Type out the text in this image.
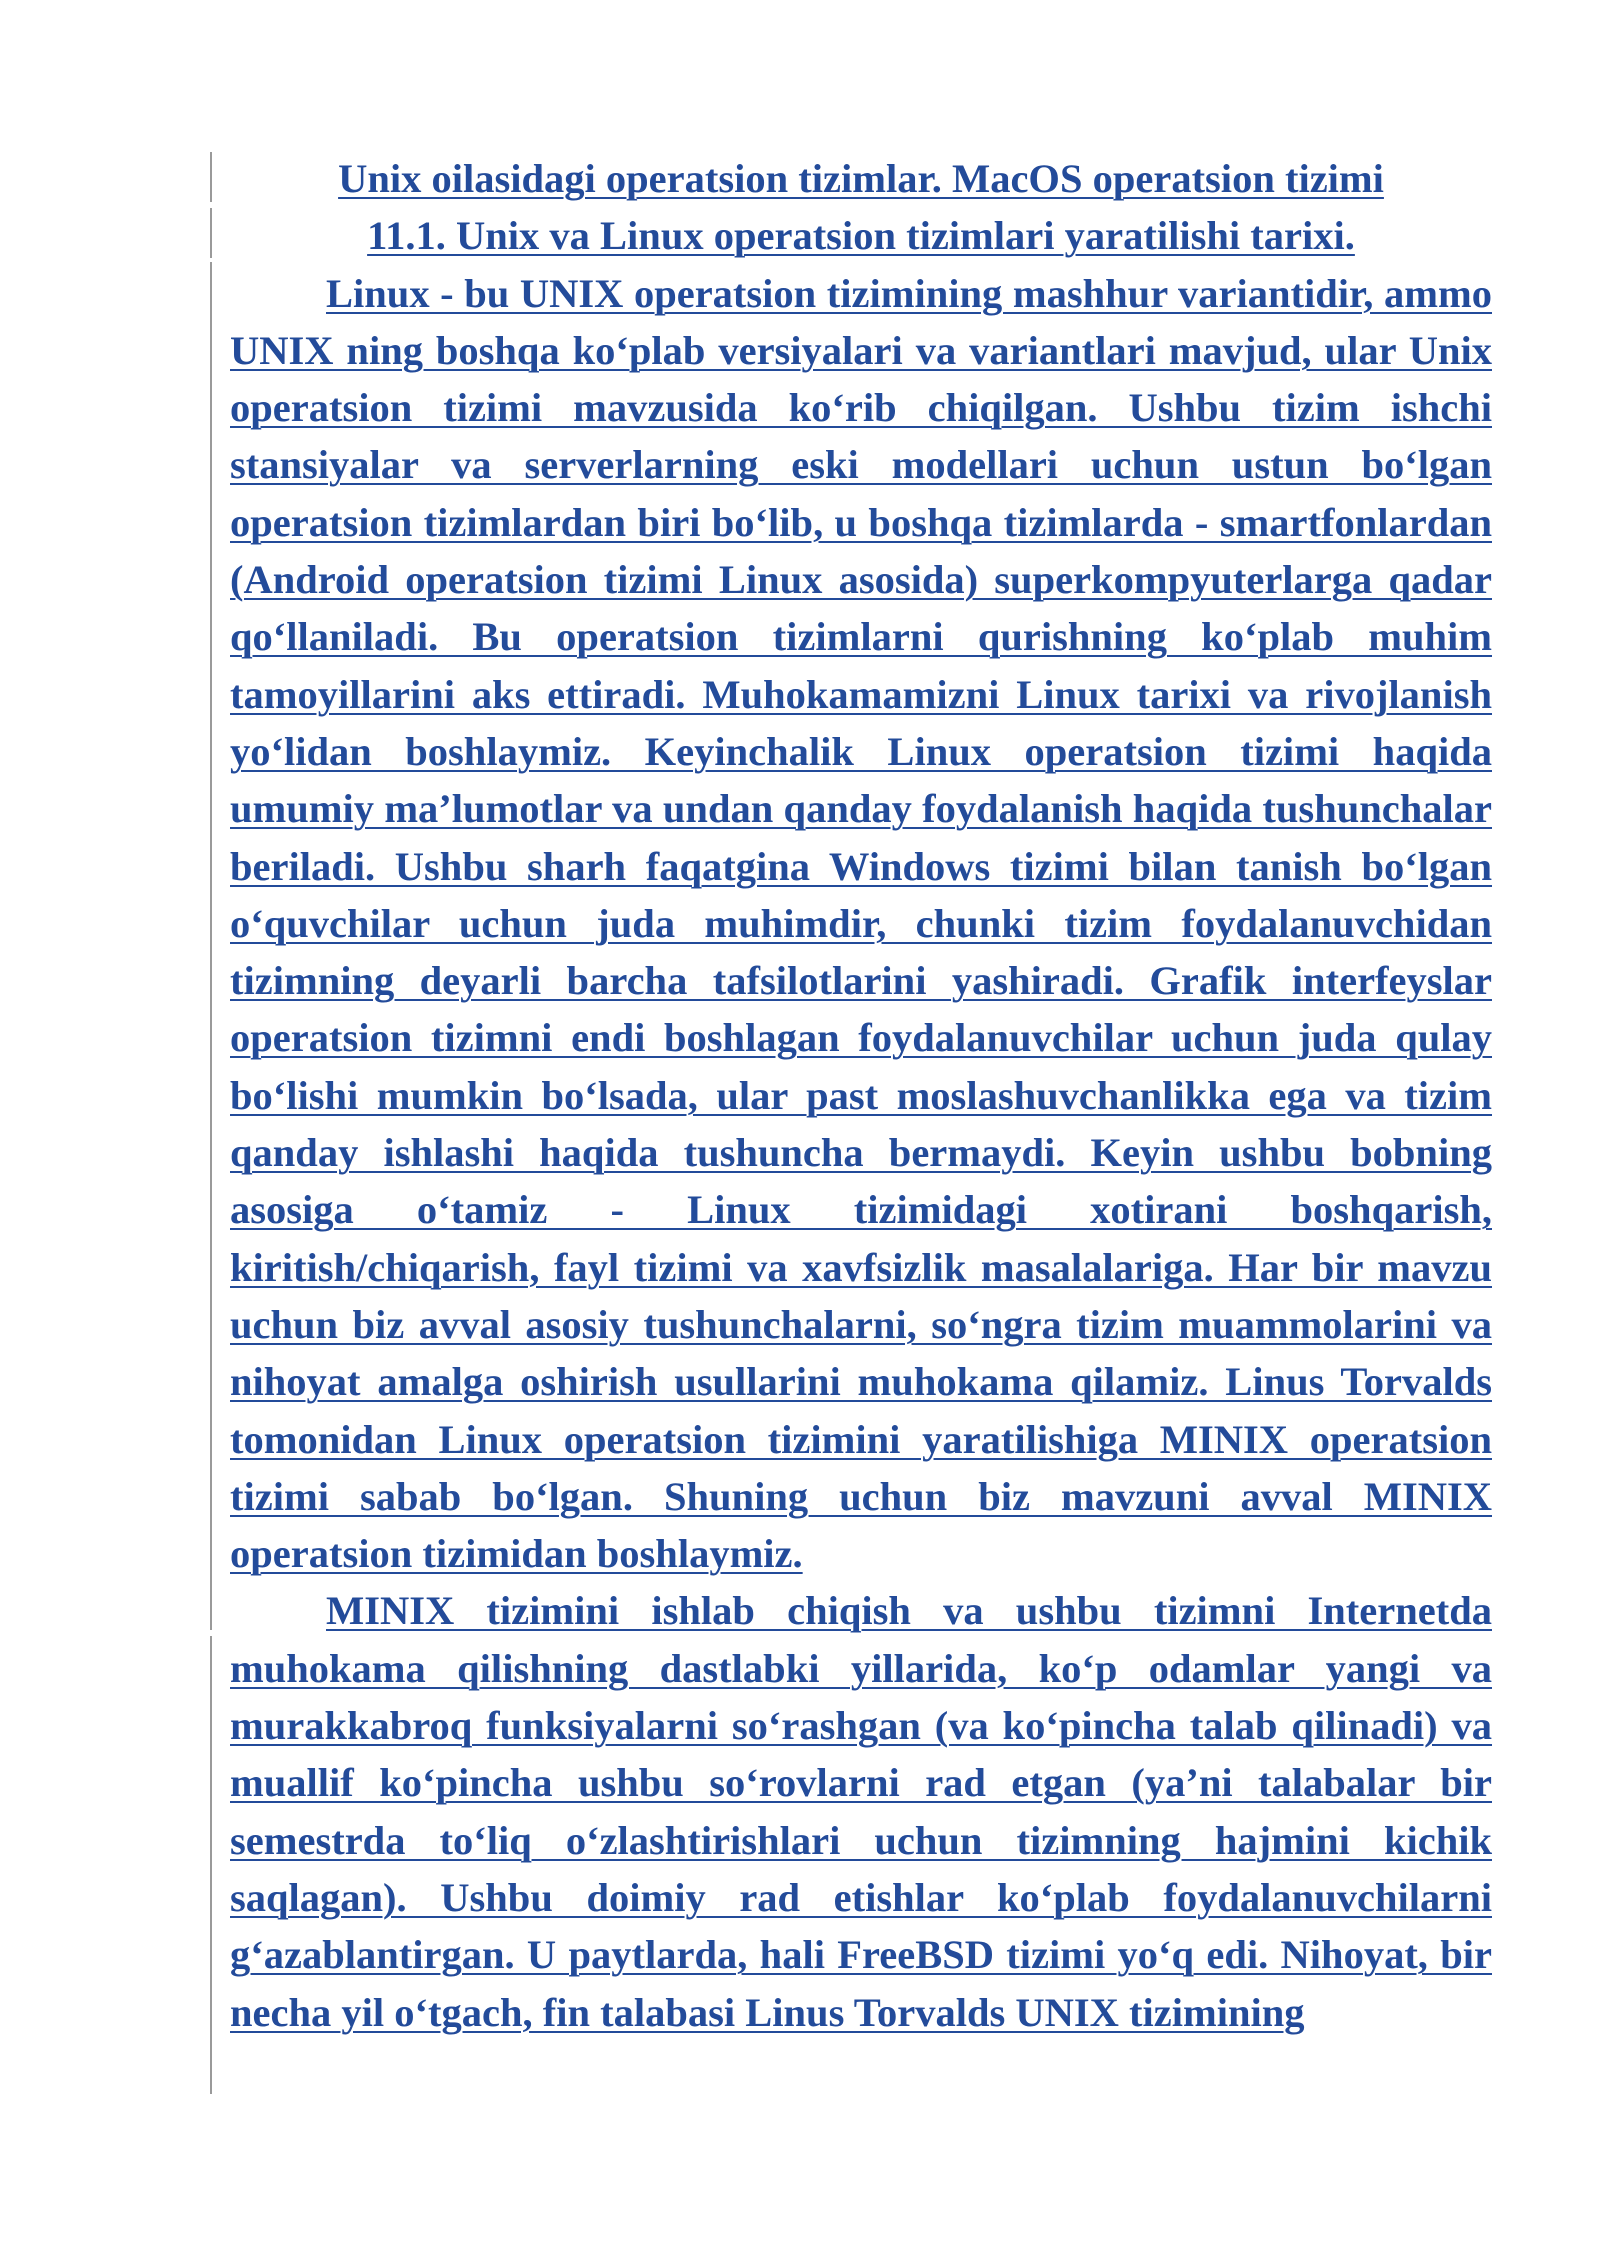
Unix oilasidagi operatsion tizimlar. MacOS operatsion tizimi
11.1. Unix va Linux operatsion tizimlari yaratilishi tarixi.

Linux - bu UNIX operatsion tizimining mashhur variantidir, ammo UNIX ning boshqa ko‘plab versiyalari va variantlari mavjud, ular Unix operatsion tizimi mavzusida ko‘rib chiqilgan. Ushbu tizim ishchi stansiyalar va serverlarning eski modellari uchun ustun bo‘lgan operatsion tizimlardan biri bo‘lib, u boshqa tizimlarda - smartfonlardan (Android operatsion tizimi Linux asosida) superkompyuterlarga qadar qo‘llaniladi. Bu operatsion tizimlarni qurishning ko‘plab muhim tamoyillarini aks ettiradi. Muhokamamizni Linux tarixi va rivojlanish yo‘lidan boshlaymiz. Keyinchalik Linux operatsion tizimi haqida umumiy ma’lumotlar va undan qanday foydalanish haqida tushunchalar beriladi. Ushbu sharh faqatgina Windows tizimi bilan tanish bo‘lgan o‘quvchilar uchun juda muhimdir, chunki tizim foydalanuvchidan tizimning deyarli barcha tafsilotlarini yashiradi. Grafik interfeyslar operatsion tizimni endi boshlagan foydalanuvchilar uchun juda qulay bo‘lishi mumkin bo‘lsada, ular past moslashuvchanlikka ega va tizim qanday ishlashi haqida tushuncha bermaydi. Keyin ushbu bobning asosiga o‘tamiz - Linux tizimidagi xotirani boshqarish, kiritish/chiqarish, fayl tizimi va xavfsizlik masalalariga. Har bir mavzu uchun biz avval asosiy tushunchalarni, so‘ngra tizim muammolarini va nihoyat amalga oshirish usullarini muhokama qilamiz. Linus Torvalds tomonidan Linux operatsion tizimini yaratilishiga MINIX operatsion tizimi sabab bo‘lgan. Shuning uchun biz mavzuni avval MINIX operatsion tizimidan boshlaymiz.

MINIX tizimini ishlab chiqish va ushbu tizimni Internetda muhokama qilishning dastlabki yillarida, ko‘p odamlar yangi va murakkabroq funksiyalarni so‘rashgan (va ko‘pincha talab qilinadi) va muallif ko‘pincha ushbu so‘rovlarni rad etgan (ya’ni talabalar bir semestrda to‘liq o‘zlashtirishlari uchun tizimning hajmini kichik saqlagan). Ushbu doimiy rad etishlar ko‘plab foydalanuvchilarni g‘azablantirgan. U paytlarda, hali FreeBSD tizimi yo‘q edi. Nihoyat, bir necha yil o‘tgach, fin talabasi Linus Torvalds UNIX tizimining
